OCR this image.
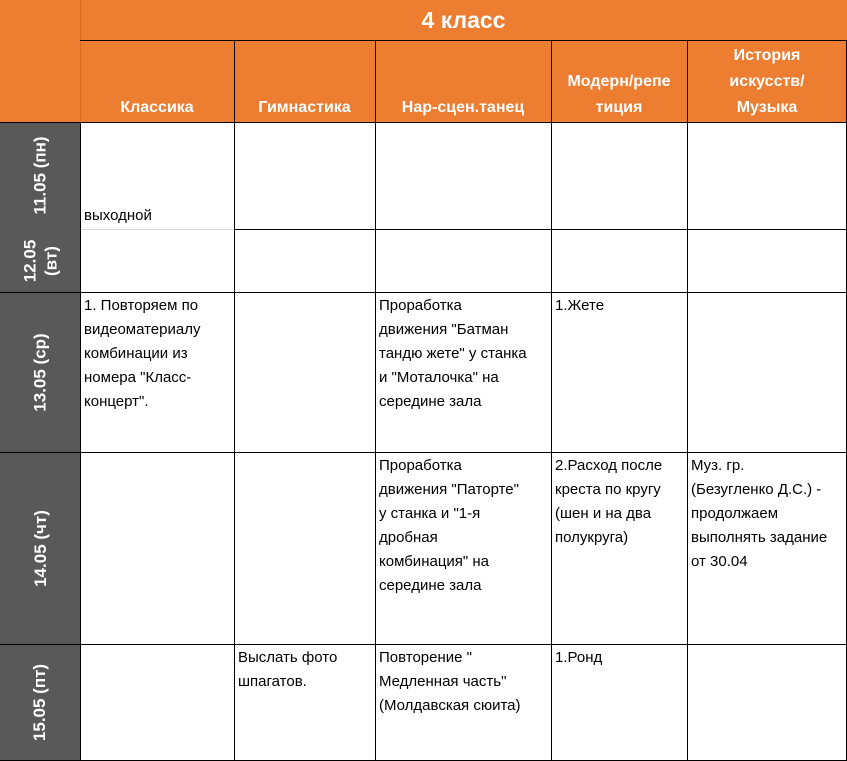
4 класс
Классика	Гимнастика	Нар-сцен.танец
Модерн/репе
тиция
История
искусств/
Музыка
11.05 (пн)
12.05
(вт)
13.05 (ср)
14.05 (чт)
15.05 (пт)
выходной
1. Повторяем по
видеоматериалу
комбинации из
номера "Класс-
концерт".
Проработка
движения "Батман
тандю жете" у станка
и "Моталочка" на
середине зала
1.Жете
Проработка
движения "Паторте"
у станка и "1-я
дробная
комбинация" на
середине зала
2.Расход после
креста по кругу
(шен и на два
полукруга)
Муз. гр.
(Безугленко Д.С.) -
продолжаем
выполнять задание
от 30.04
Выслать фото
шпагатов.
Повторение "
Медленная часть"
(Молдавская сюита)
1.Ронд
